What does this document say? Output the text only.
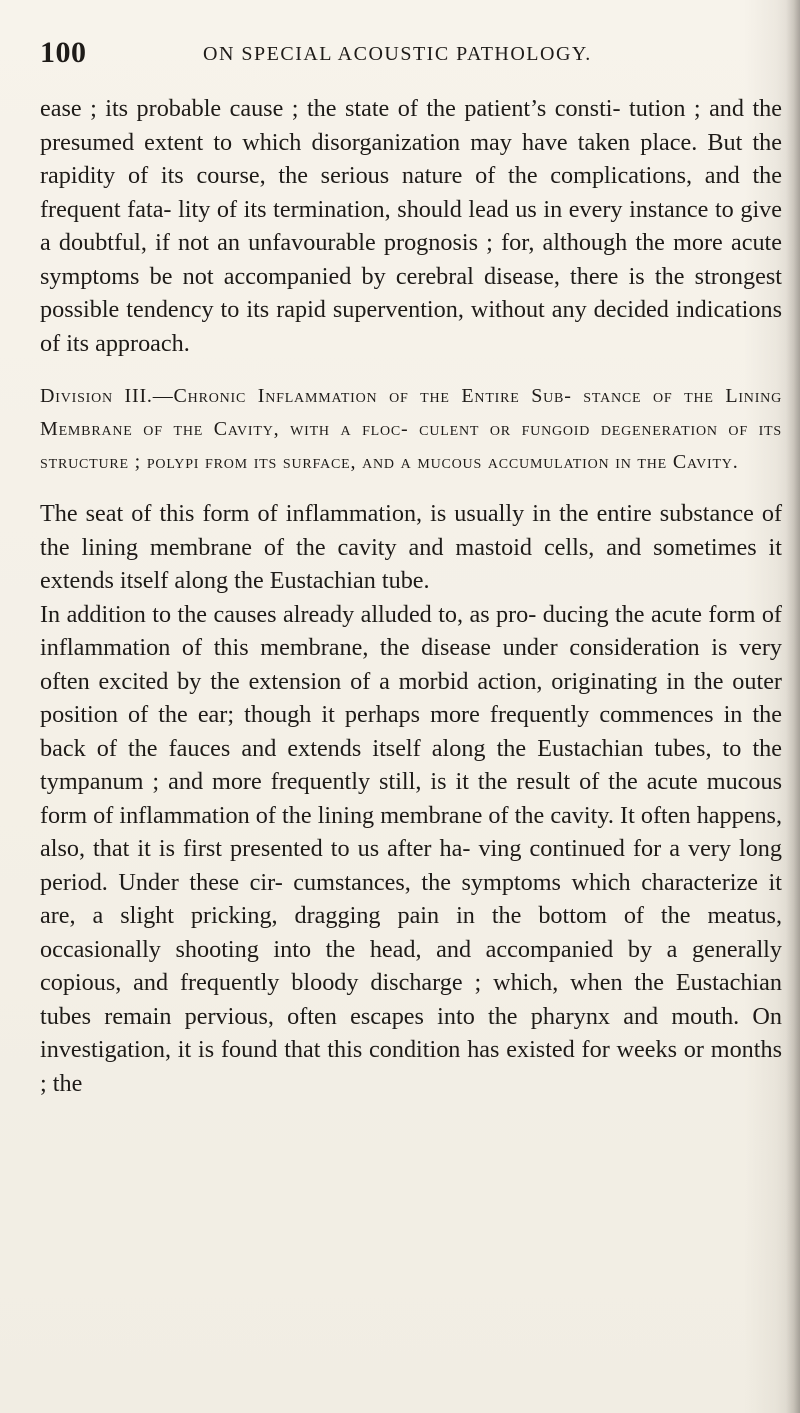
100	ON SPECIAL ACOUSTIC PATHOLOGY.

ease ; its probable cause ; the state of the patient’s consti- tution ; and the presumed extent to which disorganization may have taken place. But the rapidity of its course, the serious nature of the complications, and the frequent fata- lity of its termination, should lead us in every instance to give a doubtful, if not an unfavourable prognosis ; for, although the more acute symptoms be not accompanied by cerebral disease, there is the strongest possible tendency to its rapid supervention, without any decided indications of its approach.

Division III.—Chronic Inflammation of the Entire Sub- stance of the Lining Membrane of the Cavity, with a floc- culent or fungoid degeneration of its structure ; polypi from its surface, and a mucous accumulation in the Cavity.

The seat of this form of inflammation, is usually in the entire substance of the lining membrane of the cavity and mastoid cells, and sometimes it extends itself along the Eustachian tube.

In addition to the causes already alluded to, as pro- ducing the acute form of inflammation of this membrane, the disease under consideration is very often excited by the extension of a morbid action, originating in the outer position of the ear; though it perhaps more frequently commences in the back of the fauces and extends itself along the Eustachian tubes, to the tympanum ; and more frequently still, is it the result of the acute mucous form of inflammation of the lining membrane of the cavity. It often happens, also, that it is first presented to us after ha- ving continued for a very long period. Under these cir- cumstances, the symptoms which characterize it are, a slight pricking, dragging pain in the bottom of the meatus, occasionally shooting into the head, and accompanied by a generally copious, and frequently bloody discharge ; which, when the Eustachian tubes remain pervious, often escapes into the pharynx and mouth. On investigation, it is found that this condition has existed for weeks or months ; the
